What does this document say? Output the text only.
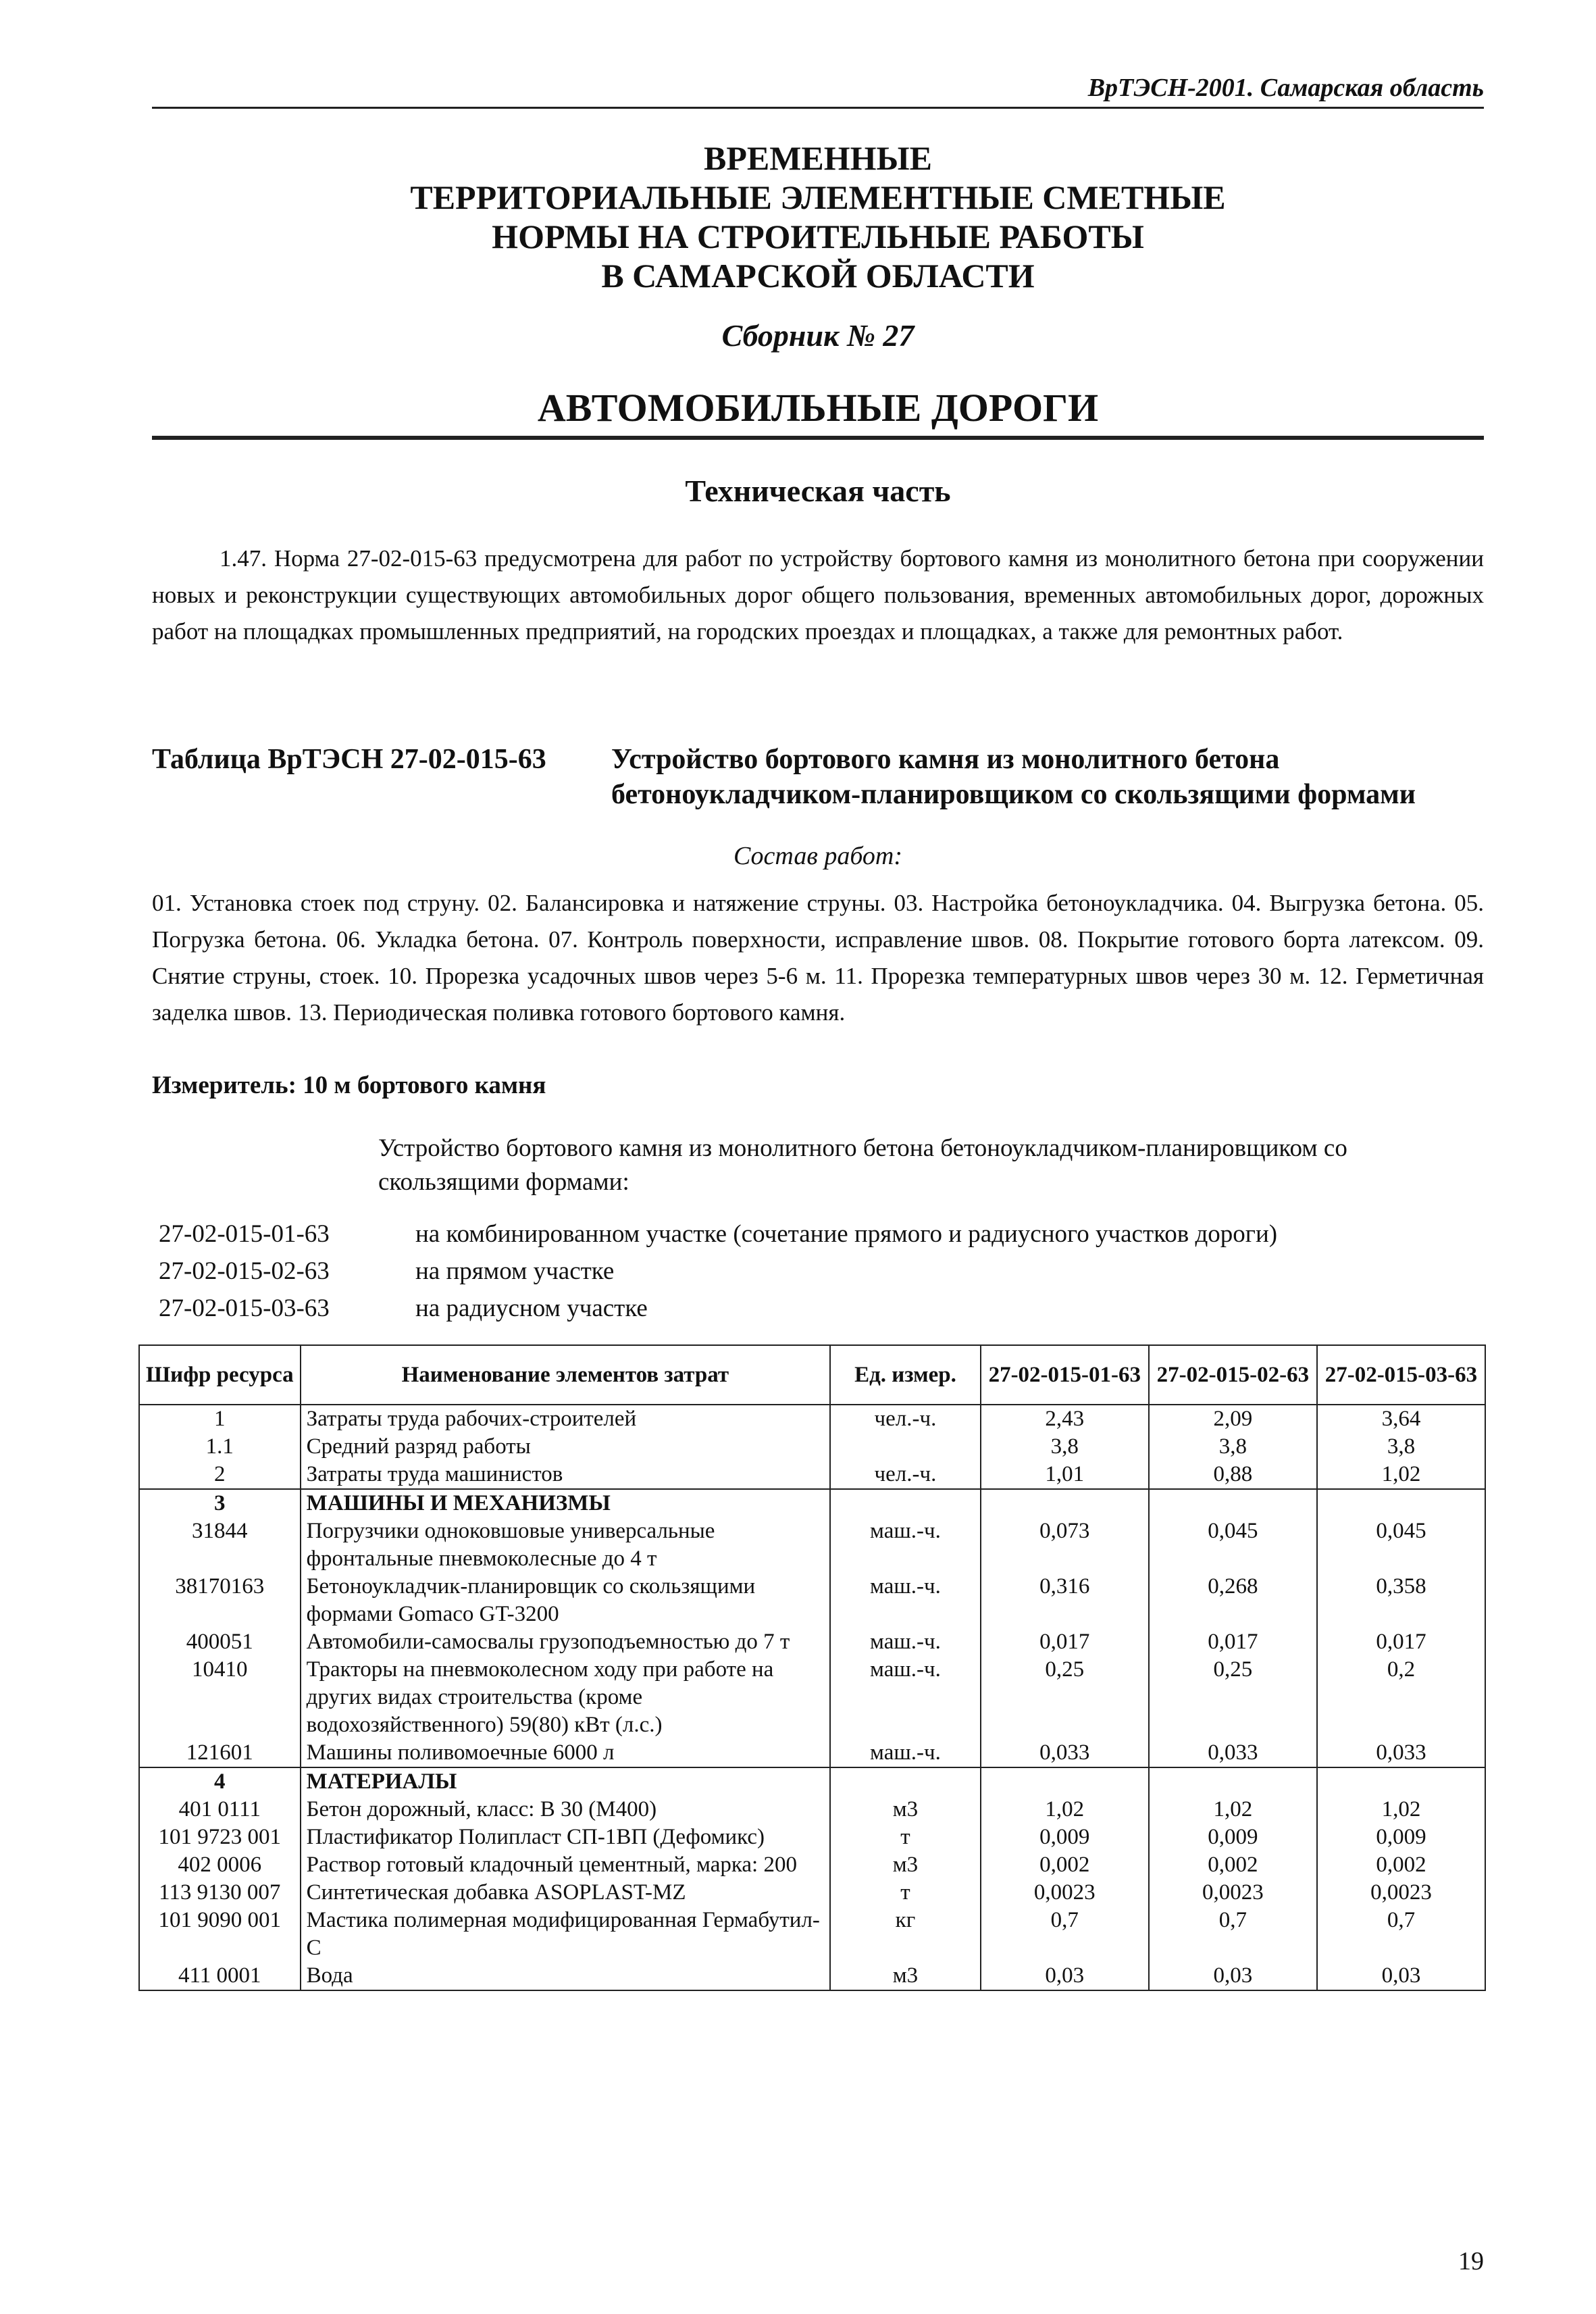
ВрТЭСН-2001. Самарская область
ВРЕМЕННЫЕ
ТЕРРИТОРИАЛЬНЫЕ ЭЛЕМЕНТНЫЕ СМЕТНЫЕ
НОРМЫ НА СТРОИТЕЛЬНЫЕ РАБОТЫ
В САМАРСКОЙ ОБЛАСТИ
Сборник № 27
АВТОМОБИЛЬНЫЕ ДОРОГИ
Техническая часть
1.47. Норма 27-02-015-63 предусмотрена для работ по устройству бортового камня из монолитного бетона при сооружении новых и реконструкции существующих автомобильных дорог общего пользования, временных автомобильных дорог, дорожных работ на площадках промышленных предприятий, на городских проездах и площадках, а также для ремонтных работ.
Таблица ВрТЭСН 27-02-015-63 Устройство бортового камня из монолитного бетона бетоноукладчиком-планировщиком со скользящими формами
Состав работ:
01. Установка стоек под струну. 02. Балансировка и натяжение струны. 03. Настройка бетоноукладчика. 04. Выгрузка бетона. 05. Погрузка бетона. 06. Укладка бетона. 07. Контроль поверхности, исправление швов. 08. Покрытие готового борта латексом. 09. Снятие струны, стоек. 10. Прорезка усадочных швов через 5-6 м. 11. Прорезка температурных швов через 30 м. 12. Герметичная заделка швов. 13. Периодическая поливка готового бортового камня.
Измеритель: 10 м бортового камня
Устройство бортового камня из монолитного бетона бетоноукладчиком-планировщиком со скользящими формами:
27-02-015-01-63	на комбинированном участке (сочетание прямого и радиусного участков дороги)
27-02-015-02-63	на прямом участке
27-02-015-03-63	на радиусном участке
Шифр ресурса	Наименование элементов затрат	Ед. измер.	27-02-015-01-63	27-02-015-02-63	27-02-015-03-63
1	Затраты труда рабочих-строителей	чел.-ч.	2,43	2,09	3,64
1.1	Средний разряд работы		3,8	3,8	3,8
2	Затраты труда машинистов	чел.-ч.	1,01	0,88	1,02
3	МАШИНЫ И МЕХАНИЗМЫ				
31844	Погрузчики одноковшовые универсальные фронтальные пневмоколесные до 4 т	маш.-ч.	0,073	0,045	0,045
38170163	Бетоноукладчик-планировщик со скользящими формами Gomaco GT-3200	маш.-ч.	0,316	0,268	0,358
400051	Автомобили-самосвалы грузоподъемностью до 7 т	маш.-ч.	0,017	0,017	0,017
10410	Тракторы на пневмоколесном ходу при работе на других видах строительства (кроме водохозяйственного) 59(80) кВт (л.с.)	маш.-ч.	0,25	0,25	0,2
121601	Машины поливомоечные 6000 л	маш.-ч.	0,033	0,033	0,033
4	МАТЕРИАЛЫ				
401 0111	Бетон дорожный, класс: В 30 (М400)	м3	1,02	1,02	1,02
101 9723 001	Пластификатор Полипласт СП-1ВП (Дефомикс)	т	0,009	0,009	0,009
402 0006	Раствор готовый кладочный цементный, марка: 200	м3	0,002	0,002	0,002
113 9130 007	Синтетическая добавка ASOPLAST-MZ	т	0,0023	0,0023	0,0023
101 9090 001	Мастика полимерная модифицированная Гермабутил-С	кг	0,7	0,7	0,7
411 0001	Вода	м3	0,03	0,03	0,03
19
